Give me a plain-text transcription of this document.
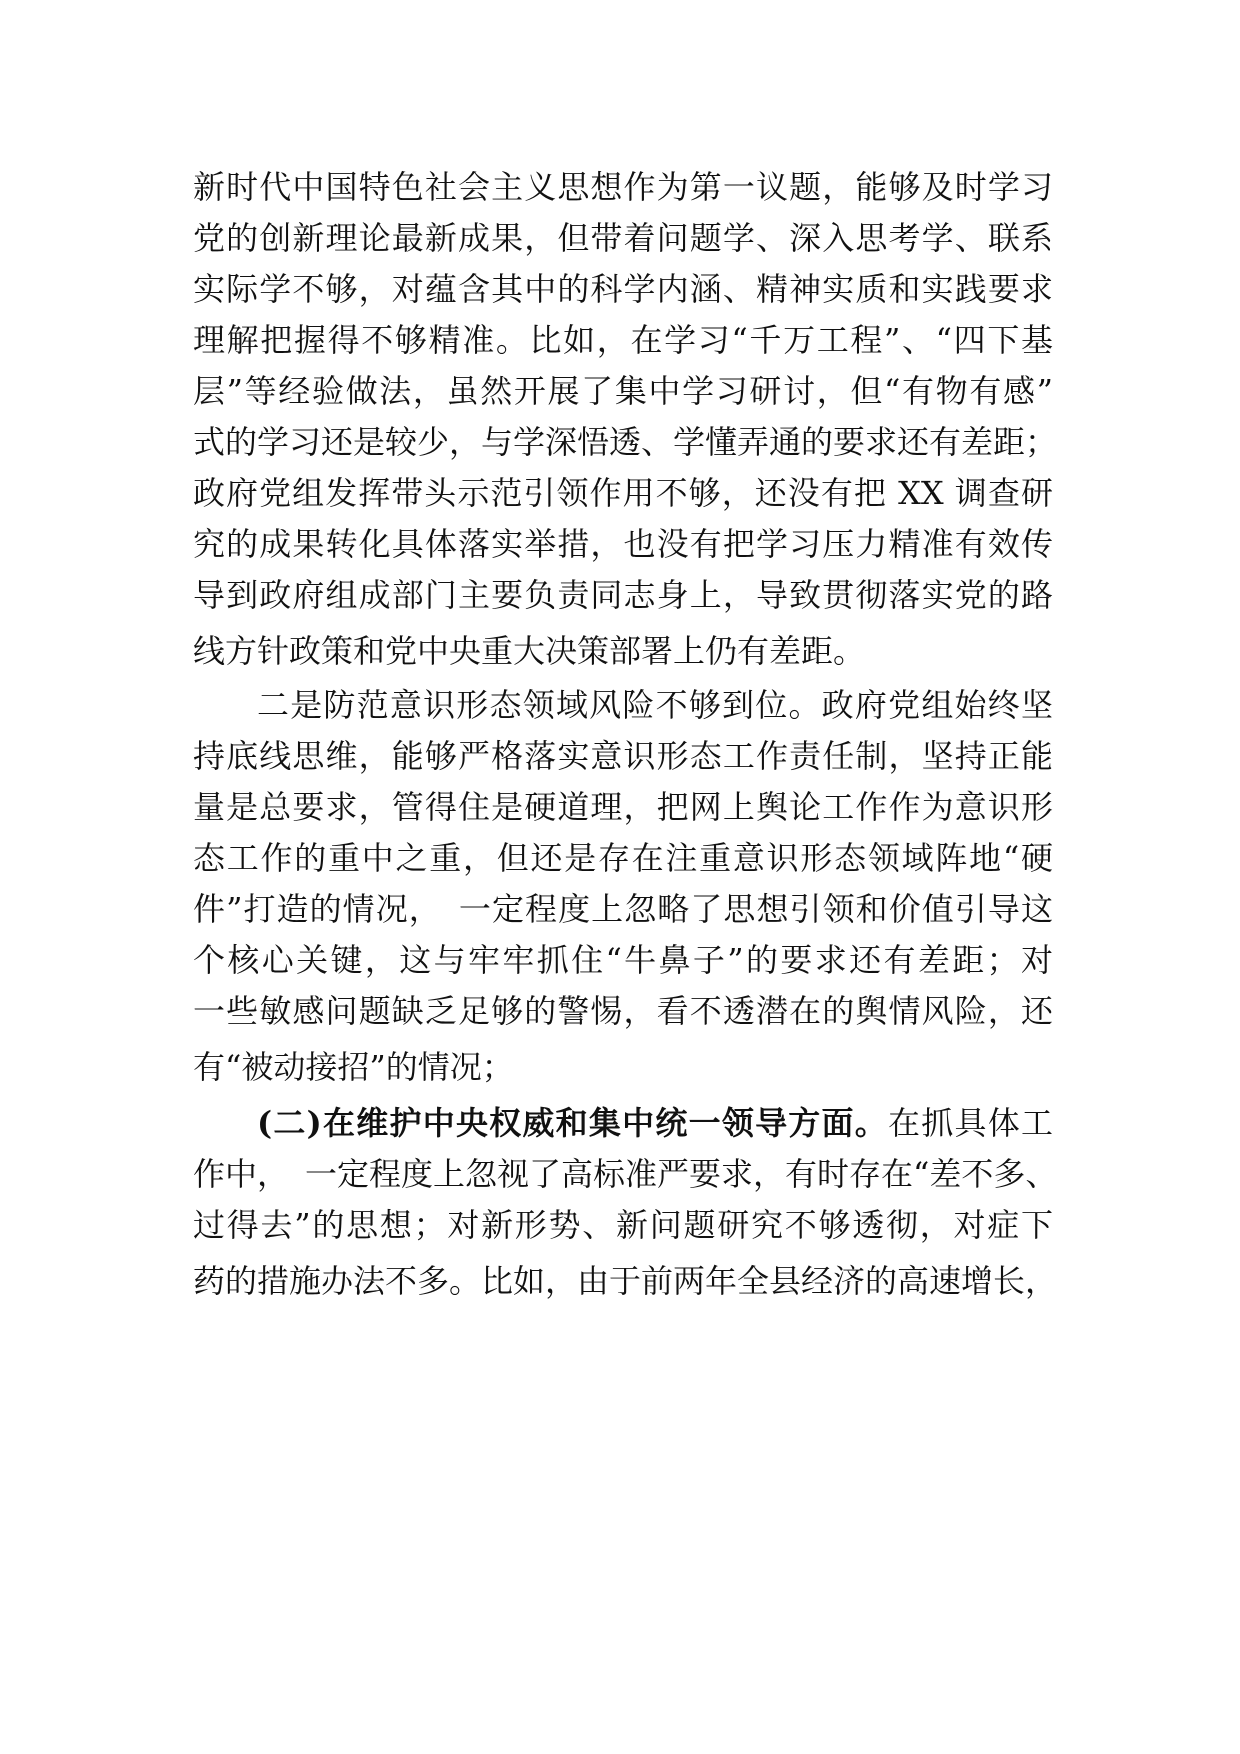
新时代中国特色社会主义思想作为第一议题，能够及时学习
党的创新理论最新成果，但带着问题学、深入思考学、联系
实际学不够，对蕴含其中的科学内涵、精神实质和实践要求
理解把握得不够精准。比如，在学习“千万工程”、“四下基
层”等经验做法，虽然开展了集中学习研讨，但“有物有感”
式的学习还是较少，与学深悟透、学懂弄通的要求还有差距；
政府党组发挥带头示范引领作用不够，还没有把 XX 调查研
究的成果转化具体落实举措，也没有把学习压力精准有效传
导到政府组成部门主要负责同志身上，导致贯彻落实党的路
线方针政策和党中央重大决策部署上仍有差距。
二是防范意识形态领域风险不够到位。政府党组始终坚
持底线思维，能够严格落实意识形态工作责任制，坚持正能
量是总要求，管得住是硬道理，把网上舆论工作作为意识形
态工作的重中之重，但还是存在注重意识形态领域阵地“硬
件”打造的情况，　一定程度上忽略了思想引领和价值引导这
个核心关键，这与牢牢抓住“牛鼻子”的要求还有差距；对
一些敏感问题缺乏足够的警惕，看不透潜在的舆情风险，还
有“被动接招”的情况；
(二)在维护中央权威和集中统一领导方面。在抓具体工
作中，　一定程度上忽视了高标准严要求，有时存在“差不多、
过得去”的思想；对新形势、新问题研究不够透彻，对症下
药的措施办法不多。比如，由于前两年全县经济的高速增长，
